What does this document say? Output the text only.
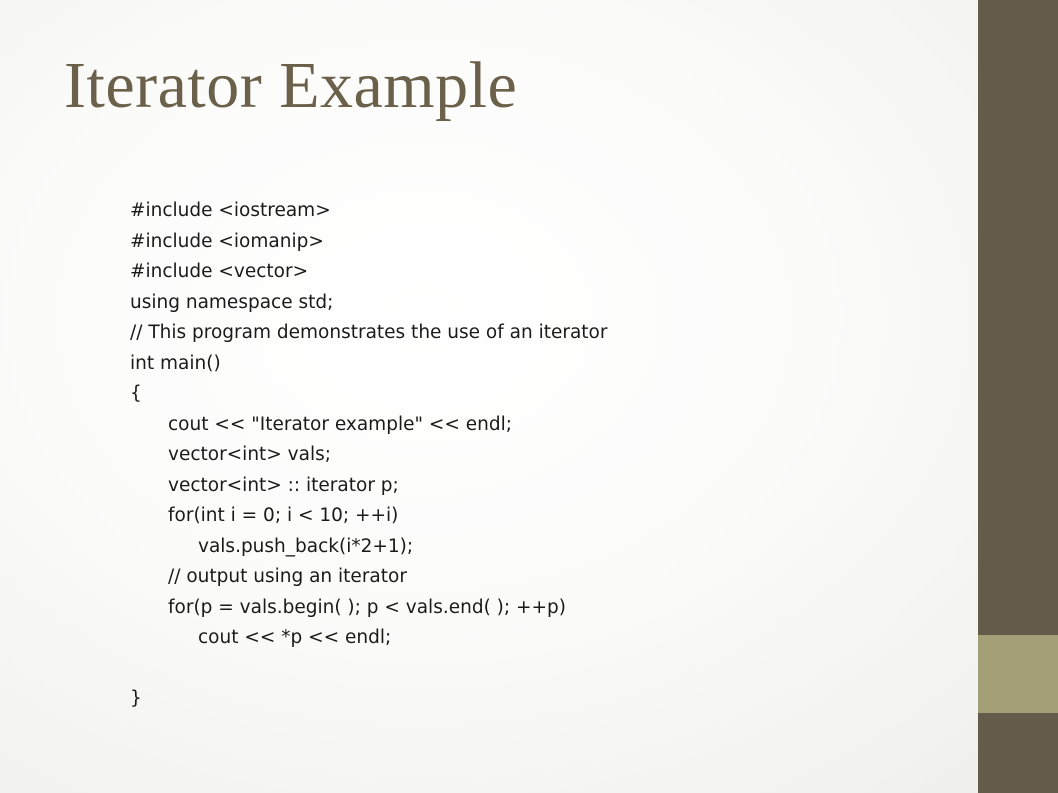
Iterator Example
#include <iostream>
#include <iomanip>
#include <vector>
using namespace std;
// This program demonstrates the use of an iterator
int main()
{
cout << "Iterator example" << endl;
vector<int> vals;
vector<int> :: iterator p;
for(int i = 0; i < 10; ++i)
vals.push_back(i*2+1);
// output using an iterator
for(p = vals.begin( ); p < vals.end( ); ++p)
cout << *p << endl;
}
